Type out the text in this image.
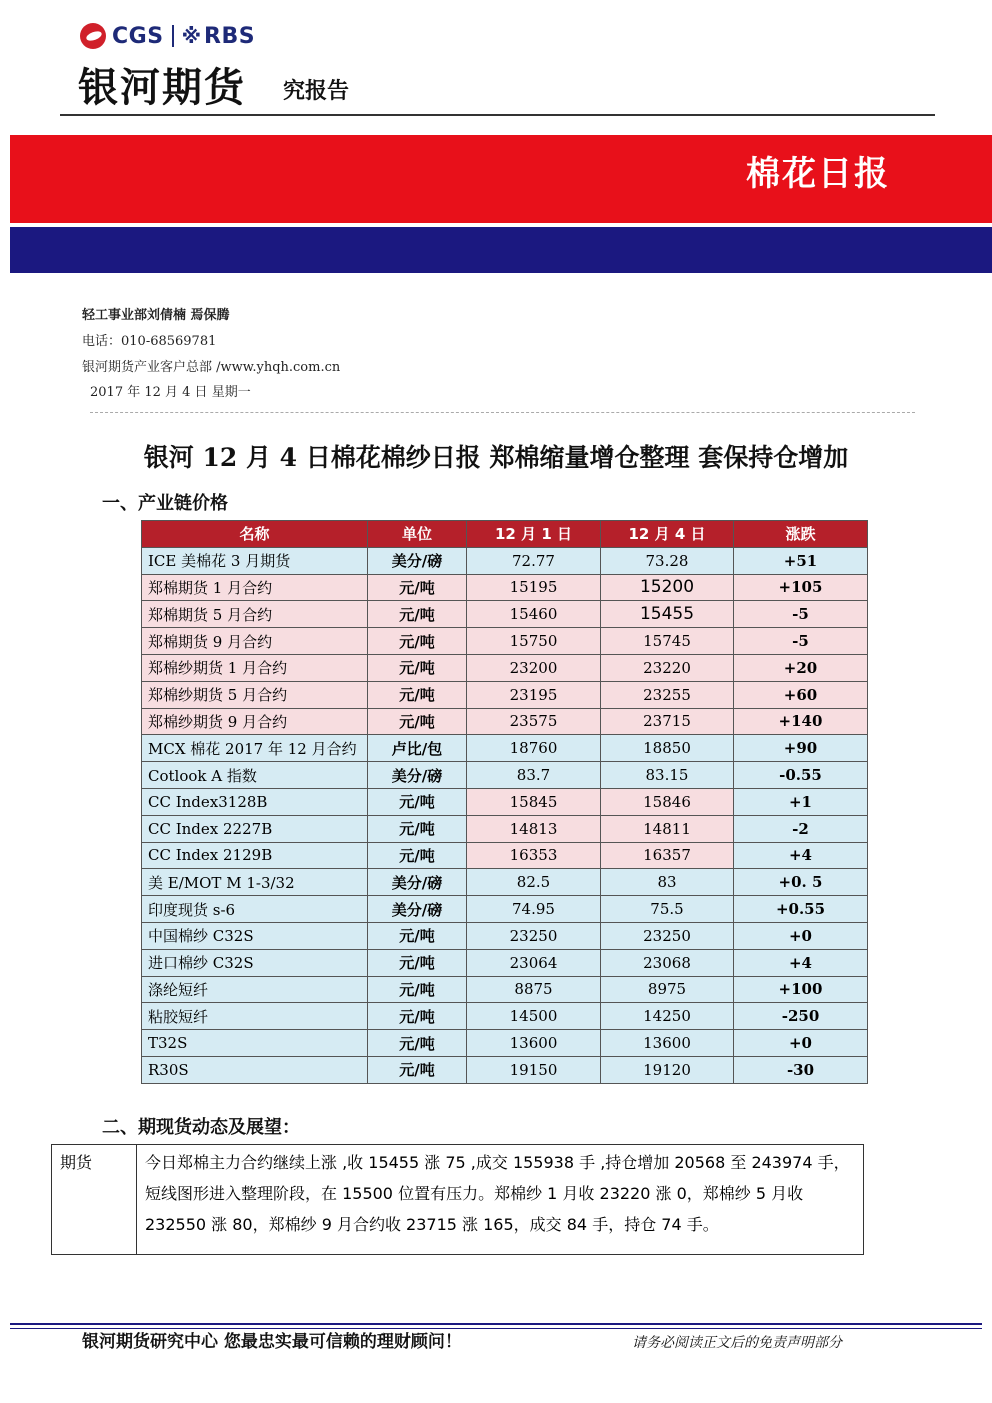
CGS ※ RBS
银河期货 究报告
棉花日报
轻工事业部刘倩楠 焉保腾
电话：010-68569781
银河期货产业客户总部 /www.yhqh.com.cn
2017 年 12 月 4 日 星期一
银河 12 月 4 日棉花棉纱日报 郑棉缩量增仓整理 套保持仓增加
一、产业链价格
名称	单位	12 月 1 日	12 月 4 日	涨跌
ICE 美棉花 3 月期货	美分/磅	72.77	73.28	+51
郑棉期货 1 月合约	元/吨	15195	15200	+105
郑棉期货 5 月合约	元/吨	15460	15455	-5
郑棉期货 9 月合约	元/吨	15750	15745	-5
郑棉纱期货 1 月合约	元/吨	23200	23220	+20
郑棉纱期货 5 月合约	元/吨	23195	23255	+60
郑棉纱期货 9 月合约	元/吨	23575	23715	+140
MCX 棉花 2017 年 12 月合约	卢比/包	18760	18850	+90
Cotlook A 指数	美分/磅	83.7	83.15	-0.55
CC Index3128B	元/吨	15845	15846	+1
CC Index 2227B	元/吨	14813	14811	-2
CC Index 2129B	元/吨	16353	16357	+4
美 E/MOT M 1-3/32	美分/磅	82.5	83	+0. 5
印度现货 s-6	美分/磅	74.95	75.5	+0.55
中国棉纱 C32S	元/吨	23250	23250	+0
进口棉纱 C32S	元/吨	23064	23068	+4
涤纶短纤	元/吨	8875	8975	+100
粘胶短纤	元/吨	14500	14250	-250
T32S	元/吨	13600	13600	+0
R30S	元/吨	19150	19120	-30
二、期现货动态及展望：
期货	今日郑棉主力合约继续上涨 ,收 15455 涨 75 ,成交 155938 手 ,持仓增加 20568 至 243974 手，短线图形进入整理阶段，在 15500 位置有压力。郑棉纱 1 月收 23220 涨 0，郑棉纱 5 月收 232550 涨 80，郑棉纱 9 月合约收 23715 涨 165，成交 84 手，持仓 74 手。
银河期货研究中心 您最忠实最可信赖的理财顾问！	请务必阅读正文后的免责声明部分
